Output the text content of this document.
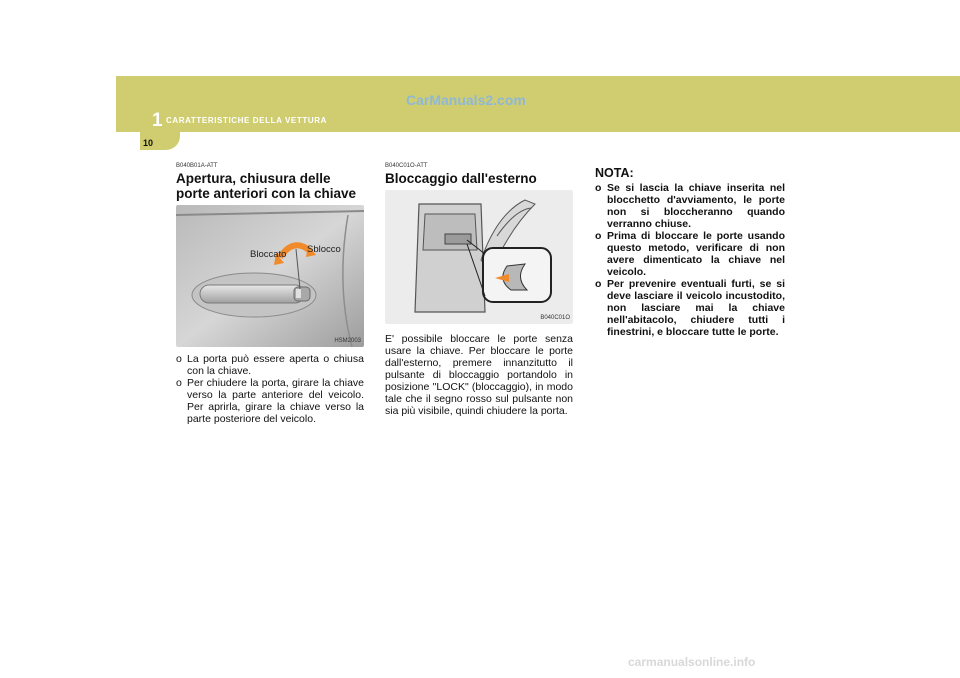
1 CARATTERISTICHE DELLA VETTURA
CarManuals2.com
10
B040B01A-ATT
Apertura, chiusura delle porte anteriori con la chiave
Bloccato Sblocco
HSM2003
o La porta può essere aperta o chiusa con la chiave.
o Per chiudere la porta, girare la chiave verso la parte anteriore del veicolo. Per aprirla, girare la chiave verso la parte posteriore del veicolo.
B040C01O-ATT
Bloccaggio dall'esterno
B040C01O
E' possibile bloccare le porte senza usare la chiave. Per bloccare le porte dall'esterno, premere innanzitutto il pulsante di bloccaggio portandolo in posizione "LOCK" (bloccaggio), in modo tale che il segno rosso sul pulsante non sia più visibile, quindi chiudere la porta.
NOTA:
o Se si lascia la chiave inserita nel blocchetto d'avviamento, le porte non si bloccheranno quando verranno chiuse.
o Prima di bloccare le porte usando questo metodo, verificare di non avere dimenticato la chiave nel veicolo.
o Per prevenire eventuali furti, se si deve lasciare il veicolo incustodito, non lasciare mai la chiave nell'abitacolo, chiudere tutti i finestrini, e bloccare tutte le porte.
carmanualsonline.info
